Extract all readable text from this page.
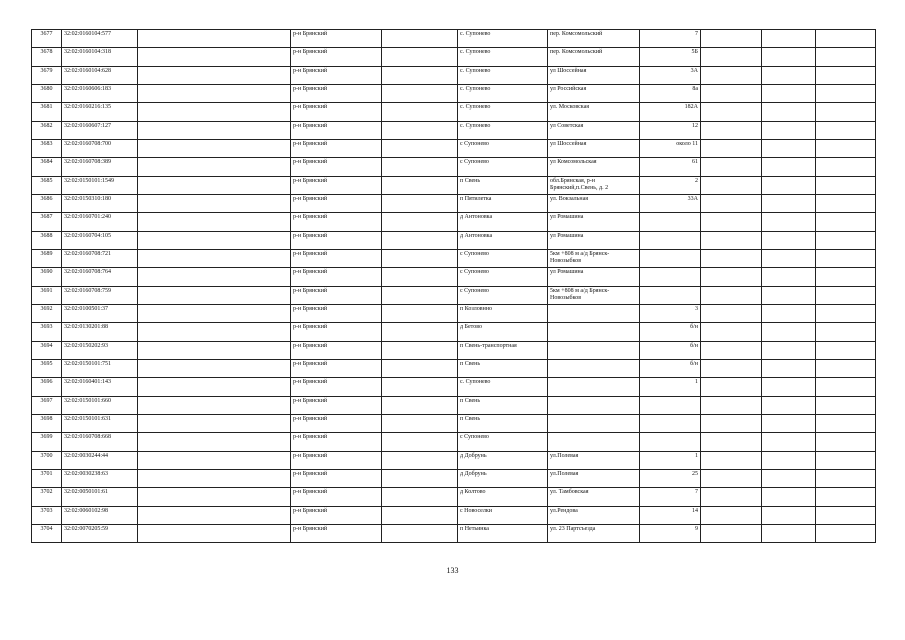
3677	32:02:0160104:577		р-н Брянский		с. Супонево	пер. Комсомольский	7			
3678	32:02:0160104:318		р-н Брянский		с. Супонево	пер. Комсомольский	5Б			
3679	32:02:0160104:628		р-н Брянский		с. Супонево	ул Шоссейная	3А			
3680	32:02:0160606:183		р-н Брянский		с. Супонево	ул Российская	8а			
3681	32:02:0160216:135		р-н Брянский		с. Супонево	ул. Московская	182А			
3682	32:02:0160607:127		р-н Брянский		с. Супонево	ул Советская	12			
3683	32:02:0160708:700		р-н Брянский		с Супонево	ул Шоссейная	около 11			
3684	32:02:0160708:389		р-н Брянский		с Супонево	ул Комсомольская	61			
3685	32:02:0150101:1549		р-н Брянский		п Свень	обл.Брянская, р-н Брянский,п.Свень, д. 2	2			
3686	32:02:0150310:180		р-н Брянский		п Пятилетка	ул. Вокзальная	33А			
3687	32:02:0160701:240		р-н Брянский		д Антоновка	ул Ромашина				
3688	32:02:0160704:105		р-н Брянский		д Антоновка	ул Ромашина				
3689	32:02:0160708:721		р-н Брянский		с Супонево	5км +808 м а/д Брянск-Новозыбков				
3690	32:02:0160708:764		р-н Брянский		с Супонево	ул Ромашина				
3691	32:02:0160708:759		р-н Брянский		с Супонево	5км +808 м а/д Брянск-Новозыбков				
3692	32:02:0100501:37		р-н Брянский		п Козловнно		3			
3693	32:02:0130201:88		р-н Брянский		д Бетово		б/н			
3694	32:02:0150202:93		р-н Брянский		п Свень-транспортная		б/н			
3695	32:02:0150101:751		р-н Брянский		п Свень		б/н			
3696	32:02:0160401:143		р-н Брянский		с. Супонево		1			
3697	32:02:0150101:660		р-н Брянский		п Свень					
3698	32:02:0150101:631		р-н Брянский		п Свень					
3699	32:02:0160708:668		р-н Брянский		с Супонево					
3700	32:02:0030244:44		р-н Брянский		д Добрунь	ул.Полевая	1			
3701	32:02:0030238:63		р-н Брянский		д Добрунь	ул.Полевая	25			
3702	32:02:0050101:61		р-н Брянский		д Колтово	ул. Тамбовская	7			
3703	32:02:0060102:98		р-н Брянский		с Новоселки	ул.Рендова	14			
3704	32:02:0070205:59		р-н Брянский		п Нетьинка	ул. 23 Партсъезда	9			
133
